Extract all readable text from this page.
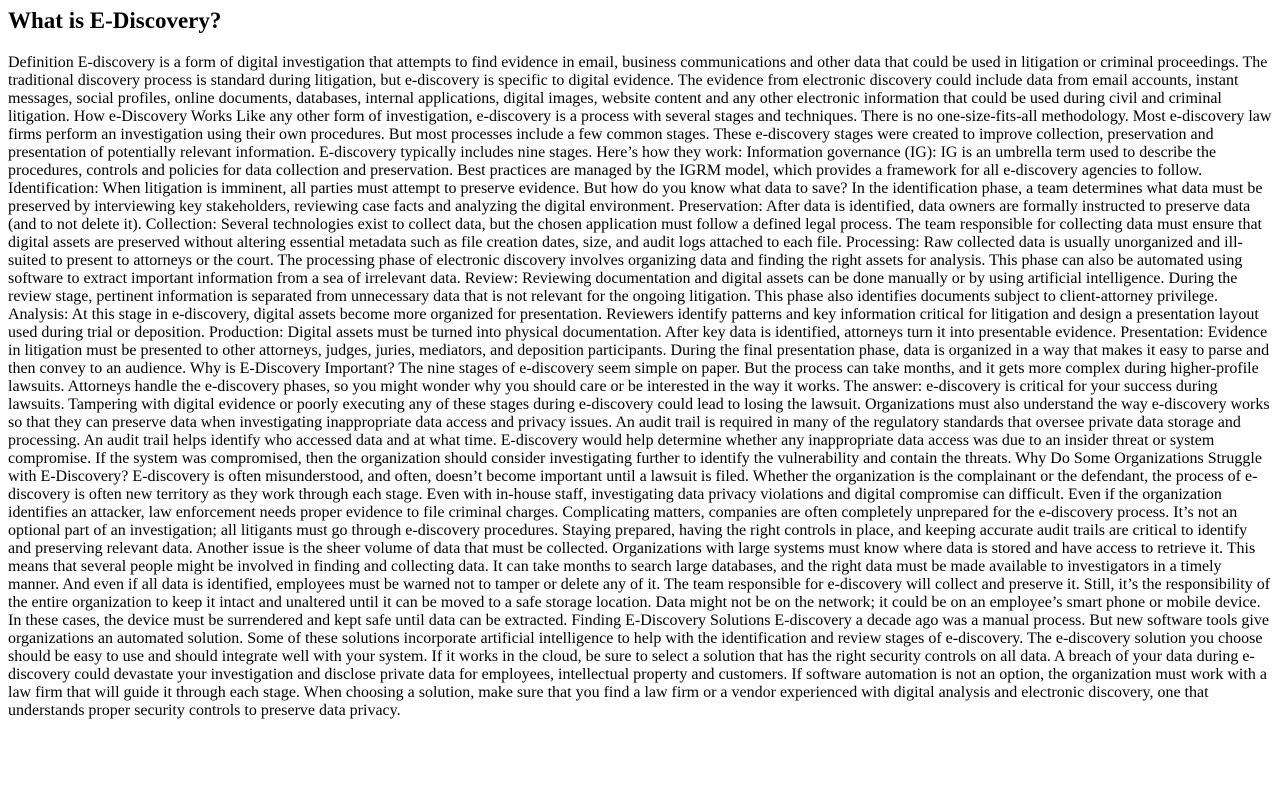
What is E-Discovery?

Definition E-discovery is a form of digital investigation that attempts to find evidence in email, business communications and other data that could be used in litigation or criminal proceedings. The traditional discovery process is standard during litigation, but e-discovery is specific to digital evidence. The evidence from electronic discovery could include data from email accounts, instant messages, social profiles, online documents, databases, internal applications, digital images, website content and any other electronic information that could be used during civil and criminal litigation. How e-Discovery Works Like any other form of investigation, e-discovery is a process with several stages and techniques. There is no one-size-fits-all methodology. Most e-discovery law firms perform an investigation using their own procedures. But most processes include a few common stages. These e-discovery stages were created to improve collection, preservation and presentation of potentially relevant information. E-discovery typically includes nine stages. Here’s how they work: Information governance (IG): IG is an umbrella term used to describe the procedures, controls and policies for data collection and preservation. Best practices are managed by the IGRM model, which provides a framework for all e-discovery agencies to follow. Identification: When litigation is imminent, all parties must attempt to preserve evidence. But how do you know what data to save? In the identification phase, a team determines what data must be preserved by interviewing key stakeholders, reviewing case facts and analyzing the digital environment. Preservation: After data is identified, data owners are formally instructed to preserve data (and to not delete it). Collection: Several technologies exist to collect data, but the chosen application must follow a defined legal process. The team responsible for collecting data must ensure that digital assets are preserved without altering essential metadata such as file creation dates, size, and audit logs attached to each file. Processing: Raw collected data is usually unorganized and ill-suited to present to attorneys or the court. The processing phase of electronic discovery involves organizing data and finding the right assets for analysis. This phase can also be automated using software to extract important information from a sea of irrelevant data. Review: Reviewing documentation and digital assets can be done manually or by using artificial intelligence. During the review stage, pertinent information is separated from unnecessary data that is not relevant for the ongoing litigation. This phase also identifies documents subject to client-attorney privilege. Analysis: At this stage in e-discovery, digital assets become more organized for presentation. Reviewers identify patterns and key information critical for litigation and design a presentation layout used during trial or deposition. Production: Digital assets must be turned into physical documentation. After key data is identified, attorneys turn it into presentable evidence. Presentation: Evidence in litigation must be presented to other attorneys, judges, juries, mediators, and deposition participants. During the final presentation phase, data is organized in a way that makes it easy to parse and then convey to an audience. Why is E-Discovery Important? The nine stages of e-discovery seem simple on paper. But the process can take months, and it gets more complex during higher-profile lawsuits. Attorneys handle the e-discovery phases, so you might wonder why you should care or be interested in the way it works. The answer: e-discovery is critical for your success during lawsuits. Tampering with digital evidence or poorly executing any of these stages during e-discovery could lead to losing the lawsuit. Organizations must also understand the way e-discovery works so that they can preserve data when investigating inappropriate data access and privacy issues. An audit trail is required in many of the regulatory standards that oversee private data storage and processing. An audit trail helps identify who accessed data and at what time. E-discovery would help determine whether any inappropriate data access was due to an insider threat or system compromise. If the system was compromised, then the organization should consider investigating further to identify the vulnerability and contain the threats. Why Do Some Organizations Struggle with E-Discovery? E-discovery is often misunderstood, and often, doesn’t become important until a lawsuit is filed. Whether the organization is the complainant or the defendant, the process of e-discovery is often new territory as they work through each stage. Even with in-house staff, investigating data privacy violations and digital compromise can difficult. Even if the organization identifies an attacker, law enforcement needs proper evidence to file criminal charges. Complicating matters, companies are often completely unprepared for the e-discovery process. It’s not an optional part of an investigation; all litigants must go through e-discovery procedures. Staying prepared, having the right controls in place, and keeping accurate audit trails are critical to identify and preserving relevant data. Another issue is the sheer volume of data that must be collected. Organizations with large systems must know where data is stored and have access to retrieve it. This means that several people might be involved in finding and collecting data. It can take months to search large databases, and the right data must be made available to investigators in a timely manner. And even if all data is identified, employees must be warned not to tamper or delete any of it. The team responsible for e-discovery will collect and preserve it. Still, it’s the responsibility of the entire organization to keep it intact and unaltered until it can be moved to a safe storage location. Data might not be on the network; it could be on an employee’s smart phone or mobile device. In these cases, the device must be surrendered and kept safe until data can be extracted. Finding E-Discovery Solutions E-discovery a decade ago was a manual process. But new software tools give organizations an automated solution. Some of these solutions incorporate artificial intelligence to help with the identification and review stages of e-discovery. The e-discovery solution you choose should be easy to use and should integrate well with your system. If it works in the cloud, be sure to select a solution that has the right security controls on all data. A breach of your data during e-discovery could devastate your investigation and disclose private data for employees, intellectual property and customers. If software automation is not an option, the organization must work with a law firm that will guide it through each stage. When choosing a solution, make sure that you find a law firm or a vendor experienced with digital analysis and electronic discovery, one that understands proper security controls to preserve data privacy.
